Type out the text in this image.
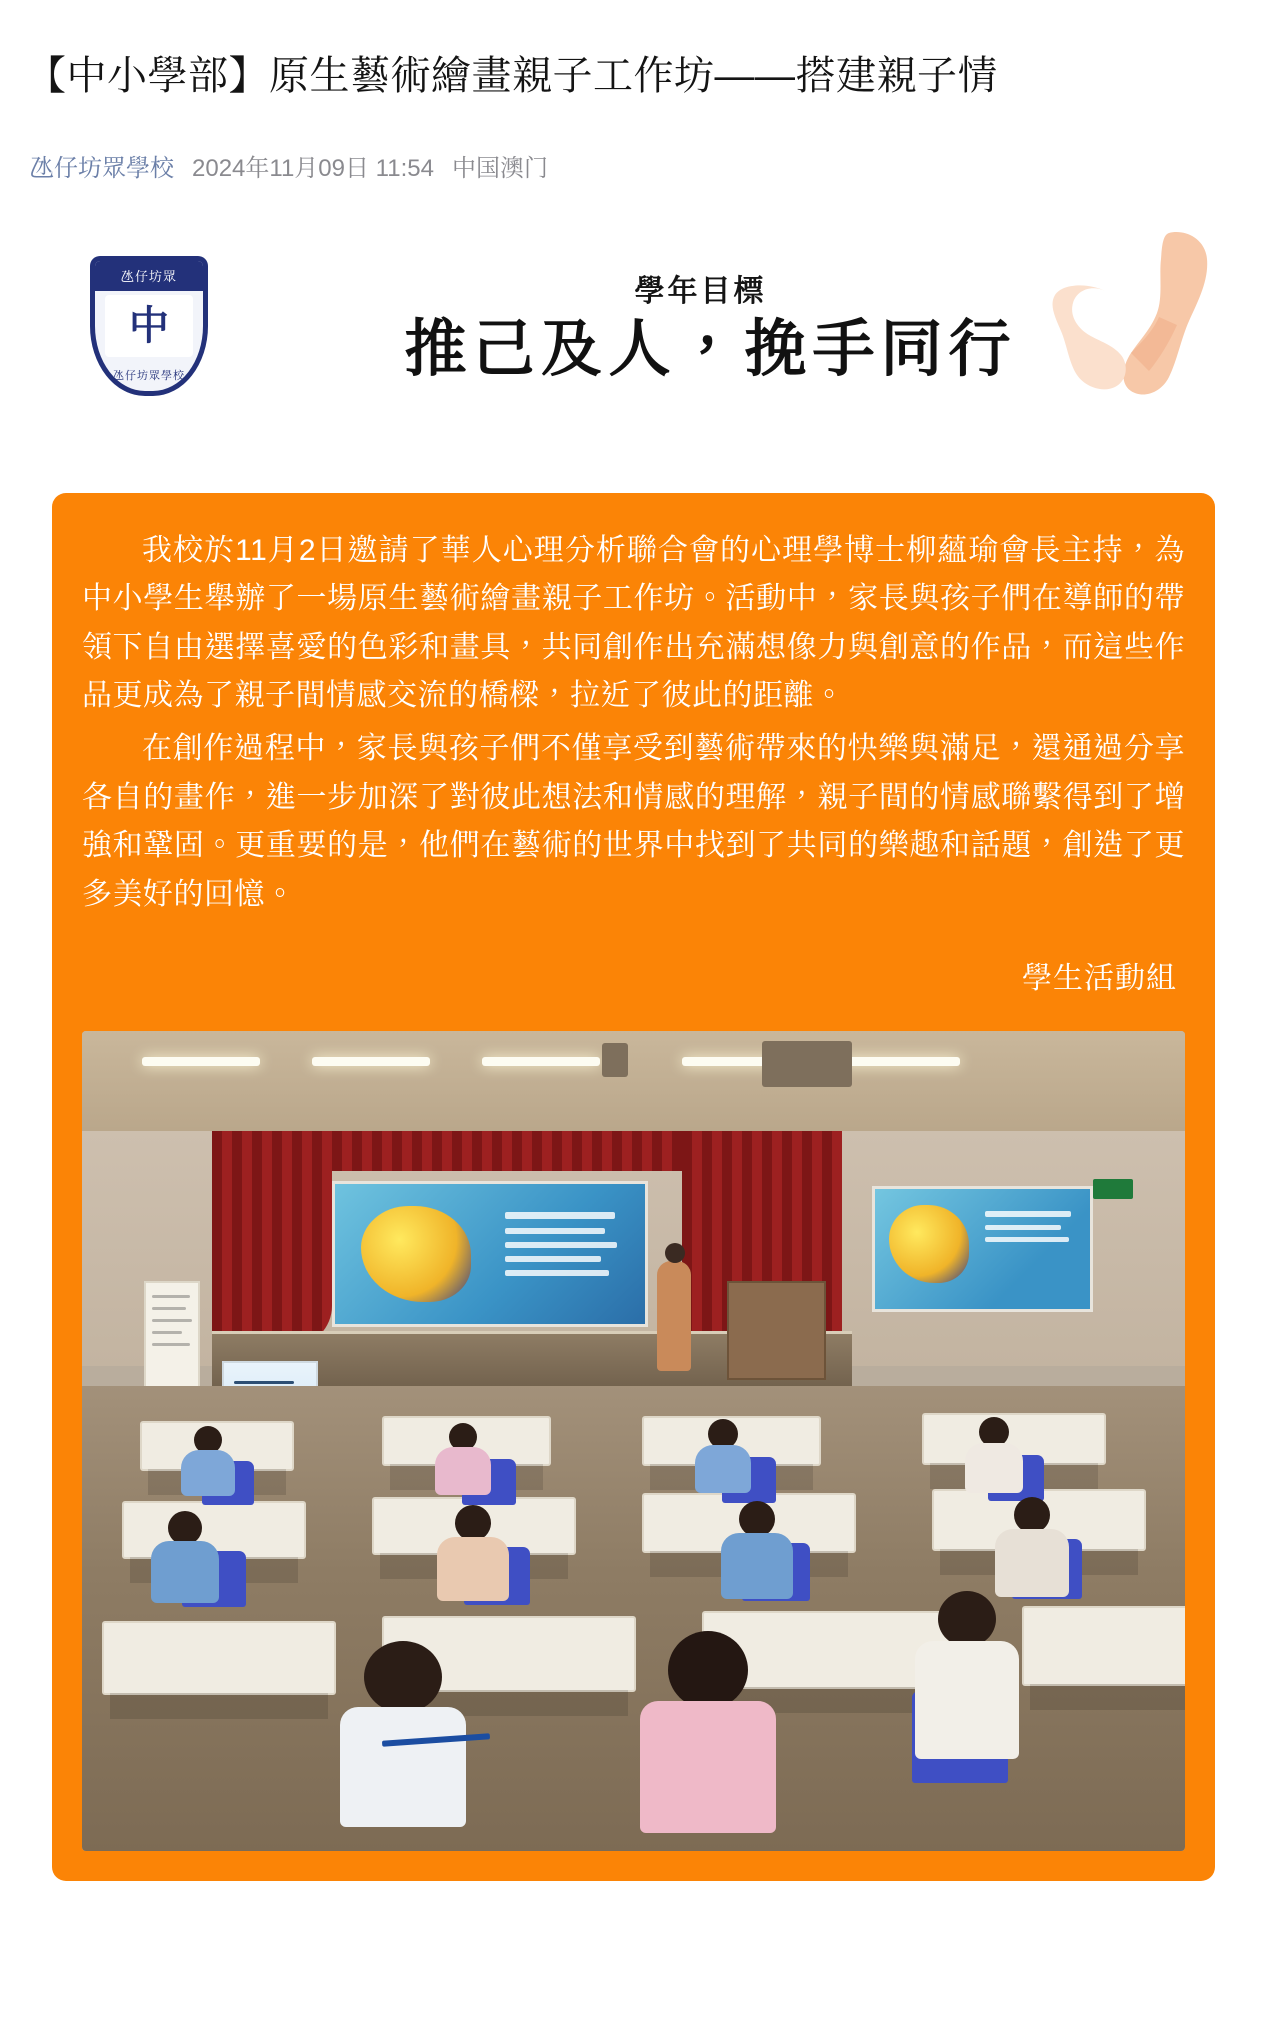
【中小學部】原生藝術繪畫親子工作坊——搭建親子情
氹仔坊眾學校 2024年11月09日 11:54 中国澳门
氹仔坊眾
中
氹仔坊眾學校
學年目標
推己及人，挽手同行

我校於11月2日邀請了華人心理分析聯合會的心理學博士柳蘊瑜會長主持，為中小學生舉辦了一場原生藝術繪畫親子工作坊。活動中，家長與孩子們在導師的帶領下自由選擇喜愛的色彩和畫具，共同創作出充滿想像力與創意的作品，而這些作品更成為了親子間情感交流的橋樑，拉近了彼此的距離。

在創作過程中，家長與孩子們不僅享受到藝術帶來的快樂與滿足，還通過分享各自的畫作，進一步加深了對彼此想法和情感的理解，親子間的情感聯繫得到了增強和鞏固。更重要的是，他們在藝術的世界中找到了共同的樂趣和話題，創造了更多美好的回憶。

學生活動組
